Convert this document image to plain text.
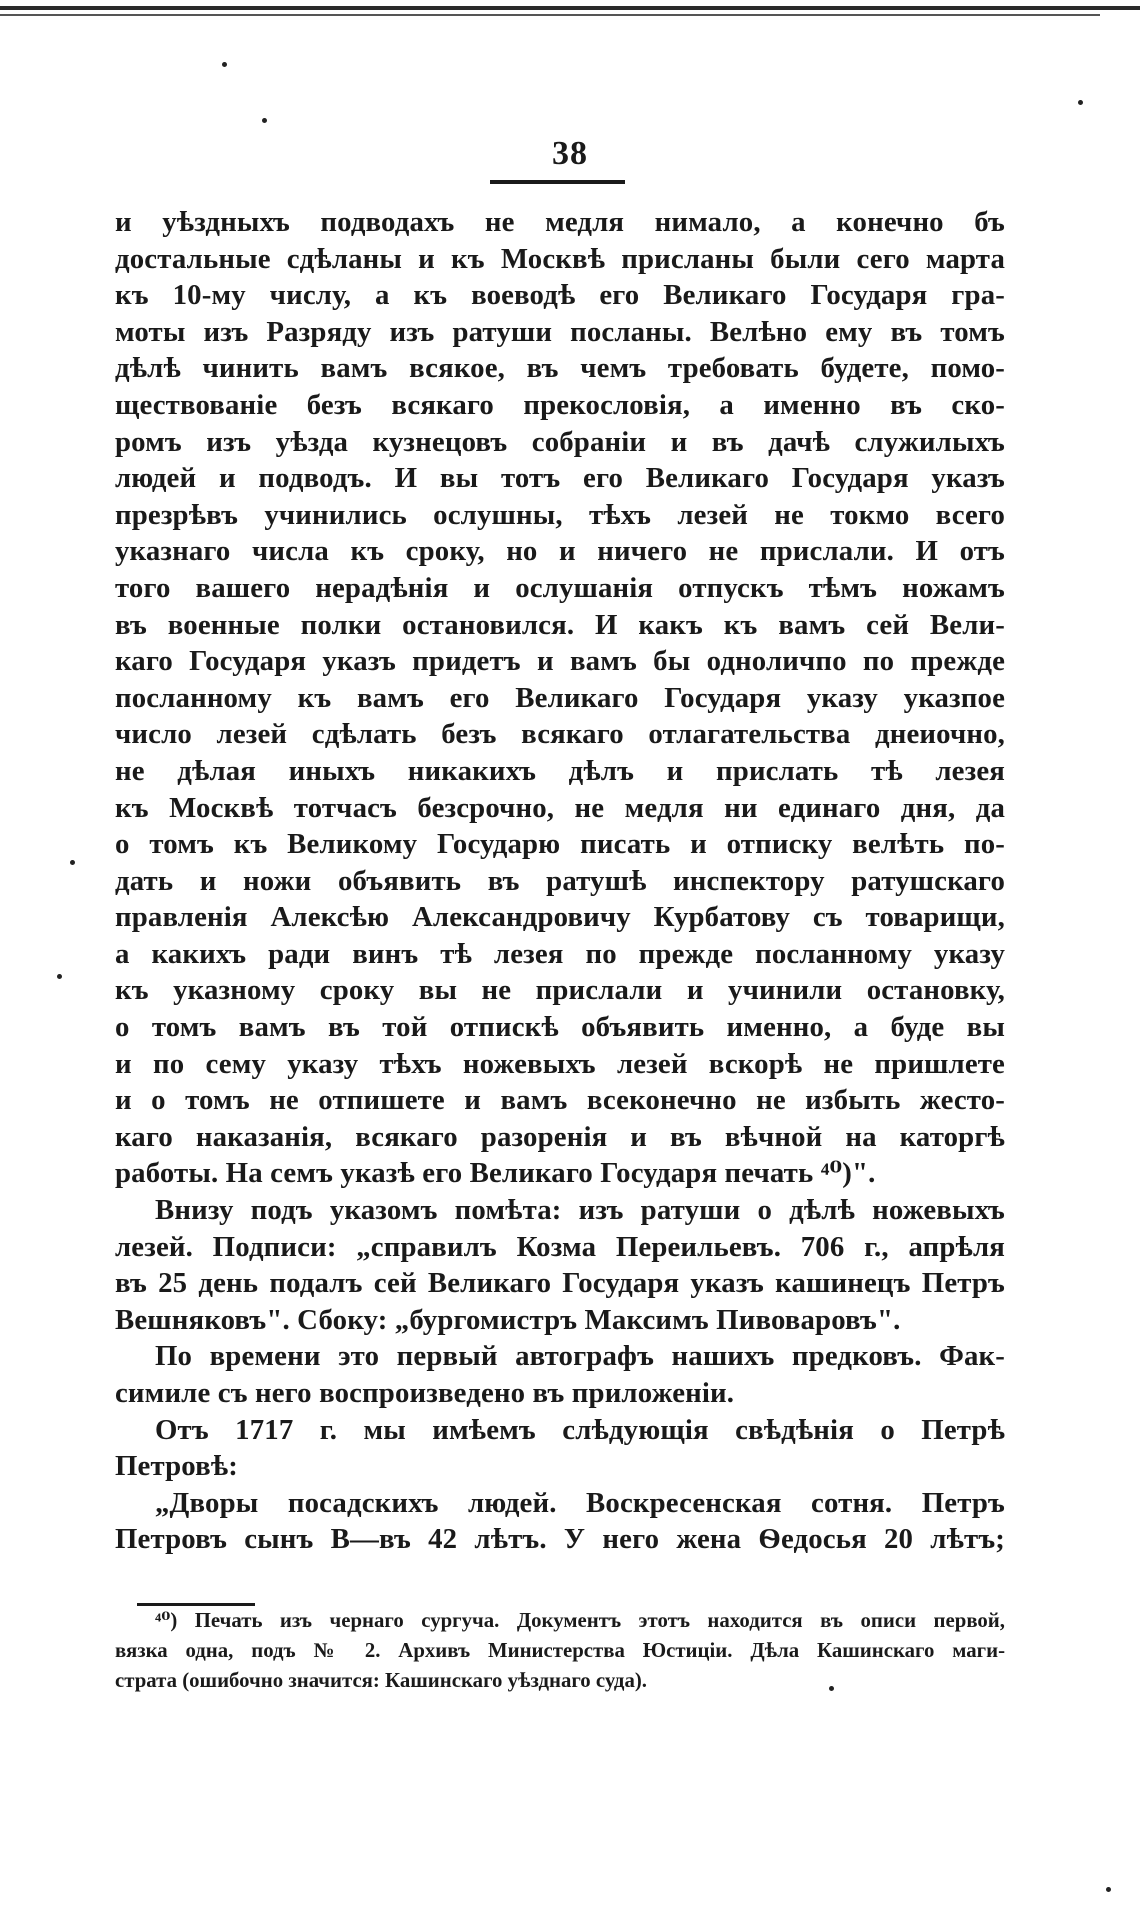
38
и уѣздныхъ подводахъ не медля нимало, а конечно бъ
достальные сдѣланы и къ Москвѣ присланы были сего марта
къ 10-му числу, а къ воеводѣ его Великаго Государя гра-
моты изъ Разряду изъ ратуши посланы. Велѣно ему въ томъ
дѣлѣ чинить вамъ всякое, въ чемъ требовать будете, помо-
ществованіе безъ всякаго прекословія, а именно въ ско-
ромъ изъ уѣзда кузнецовъ собраніи и въ дачѣ служилыхъ
людей и подводъ. И вы тотъ его Великаго Государя указъ
презрѣвъ учинились ослушны, тѣхъ лезей не токмо всего
указнаго числа къ сроку, но и ничего не прислали. И отъ
того вашего нерадѣнія и ослушанія отпускъ тѣмъ ножамъ
въ военные полки остановился. И какъ къ вамъ сей Вели-
каго Государя указъ придетъ и вамъ бы одноличпо по прежде
посланному къ вамъ его Великаго Государя указу указпое
число лезей сдѣлать безъ всякаго отлагательства днеиочно,
не дѣлая иныхъ никакихъ дѣлъ и прислать тѣ лезея
къ Москвѣ тотчасъ безсрочно, не медля ни единаго дня, да
о томъ къ Великому Государю писать и отписку велѣть по-
дать и ножи объявить въ ратушѣ инспектору ратушскаго
правленія Алексѣю Александровичу Курбатову съ товарищи,
а какихъ ради винъ тѣ лезея по прежде посланному указу
къ указному сроку вы не прислали и учинили остановку,
о томъ вамъ въ той отпискѣ объявить именно, а буде вы
и по сему указу тѣхъ ножевыхъ лезей вскорѣ не пришлете
и о томъ не отпишете и вамъ всеконечно не избыть жесто-
каго наказанія, всякаго разоренія и въ вѣчной на каторгѣ
работы. На семъ указѣ его Великаго Государя печать ⁴⁰)".
Внизу подъ указомъ помѣта: изъ ратуши о дѣлѣ ножевыхъ
лезей. Подписи: „справилъ Козма Переильевъ. 706 г., апрѣля
въ 25 день подалъ сей Великаго Государя указъ кашинецъ Петръ
Вешняковъ". Сбоку: „бургомистръ Максимъ Пивоваровъ".
По времени это первый автографъ нашихъ предковъ. Фак-
симиле съ него воспроизведено въ приложеніи.
Отъ 1717 г. мы имѣемъ слѣдующія свѣдѣнія о Петрѣ
Петровѣ:
„Дворы посадскихъ людей. Воскресенская сотня. Петръ
Петровъ сынъ В—въ 42 лѣтъ. У него жена Ѳедосья 20 лѣтъ;
⁴⁰) Печать изъ чернаго сургуча. Документъ этотъ находится въ описи первой,
вязка одна, подъ № 2. Архивъ Министерства Юстиціи. Дѣла Кашинскаго маги-
страта (ошибочно значится: Кашинскаго уѣзднаго суда).
